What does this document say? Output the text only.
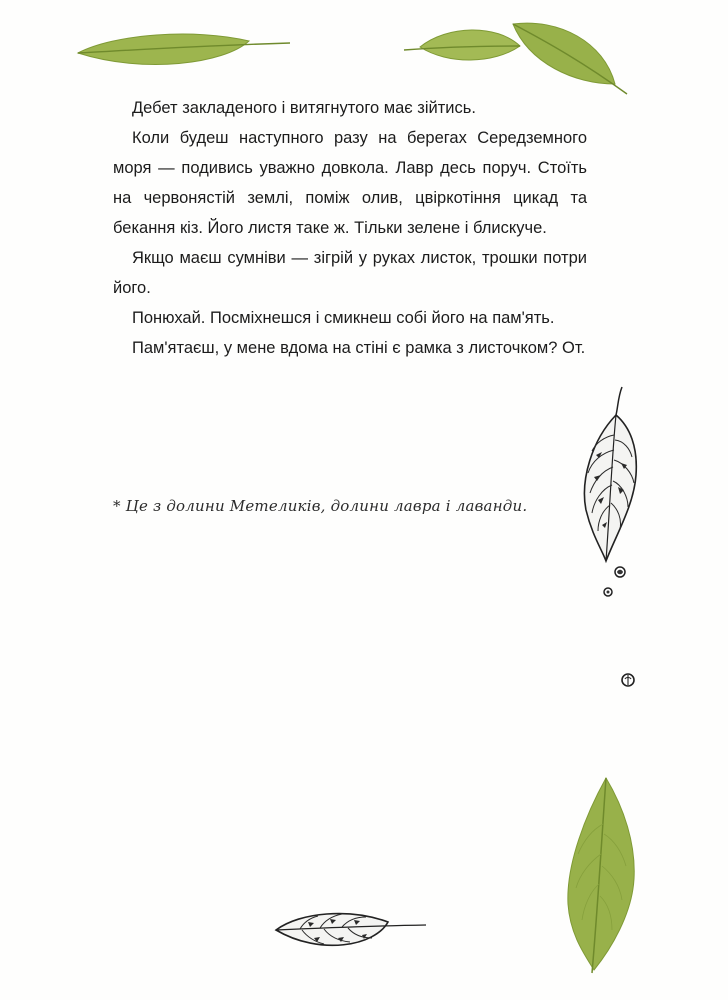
Дебет закладеного і витягнутого має зійтись.

Коли будеш наступного разу на берегах Середземного моря — подивись уважно довкола. Лавр десь поруч. Стоїть на червонястій землі, поміж олив, цвіркотіння цикад та бекання кіз. Його листя таке ж. Тільки зелене і блискуче.

Якщо маєш сумніви — зігрій у руках листок, трошки потри його.

Понюхай. Посміхнешся і смикнеш собі його на пам'ять.

Пам'ятаєш, у мене вдома на стіні є рамка з листочком? От.

* Це з долини Метеликів, долини лавра і лаванди.
